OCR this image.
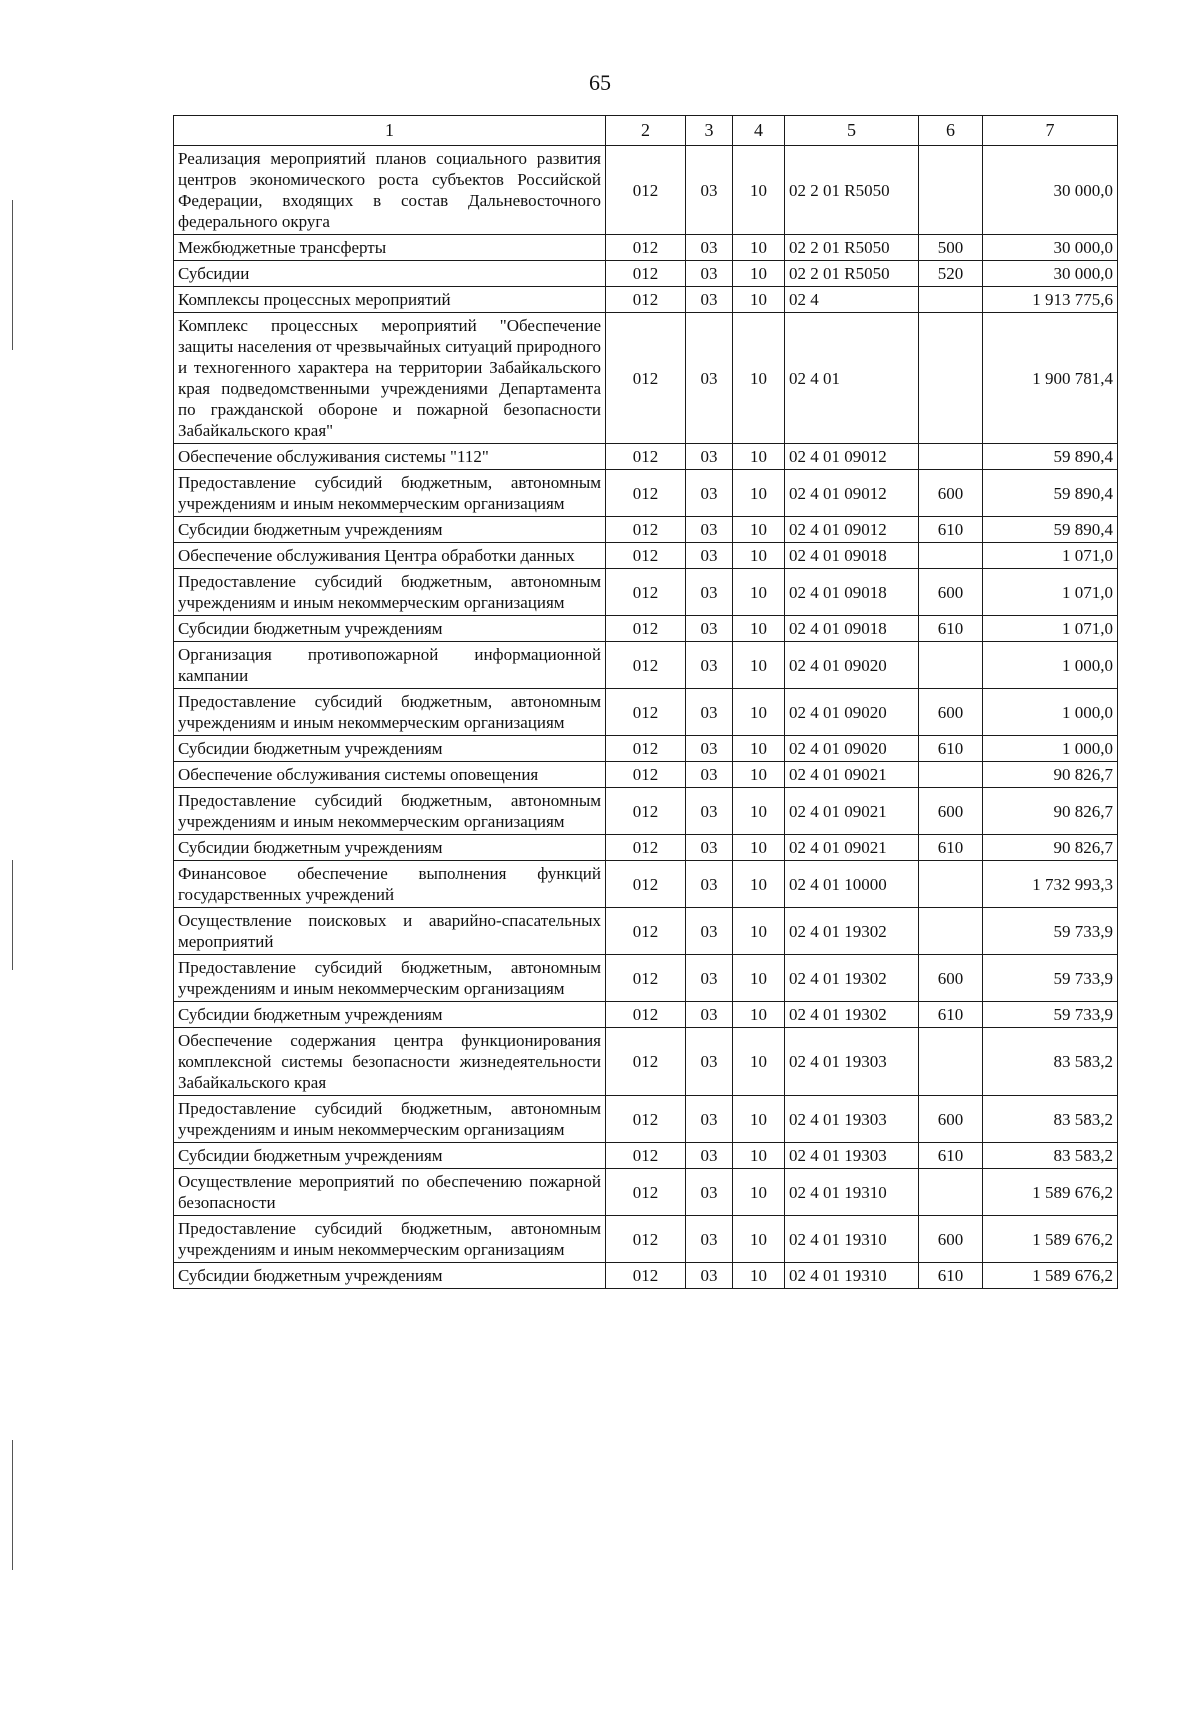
65
1	2	3	4	5	6	7
Реализация мероприятий планов социального развития центров экономического роста субъектов Российской Федерации, входящих в состав Дальневосточного федерального округа	012	03	10	02 2 01 R5050		30 000,0
Межбюджетные трансферты	012	03	10	02 2 01 R5050	500	30 000,0
Субсидии	012	03	10	02 2 01 R5050	520	30 000,0
Комплексы процессных мероприятий	012	03	10	02 4		1 913 775,6
Комплекс процессных мероприятий "Обеспечение защиты населения от чрезвычайных ситуаций природного и техногенного характера на территории Забайкальского края подведомственными учреждениями Департамента по гражданской обороне и пожарной безопасности Забайкальского края"	012	03	10	02 4 01		1 900 781,4
Обеспечение обслуживания системы "112"	012	03	10	02 4 01 09012		59 890,4
Предоставление субсидий бюджетным, автономным учреждениям и иным некоммерческим организациям	012	03	10	02 4 01 09012	600	59 890,4
Субсидии бюджетным учреждениям	012	03	10	02 4 01 09012	610	59 890,4
Обеспечение обслуживания Центра обработки данных	012	03	10	02 4 01 09018		1 071,0
Предоставление субсидий бюджетным, автономным учреждениям и иным некоммерческим организациям	012	03	10	02 4 01 09018	600	1 071,0
Субсидии бюджетным учреждениям	012	03	10	02 4 01 09018	610	1 071,0
Организация противопожарной информационной кампании	012	03	10	02 4 01 09020		1 000,0
Предоставление субсидий бюджетным, автономным учреждениям и иным некоммерческим организациям	012	03	10	02 4 01 09020	600	1 000,0
Субсидии бюджетным учреждениям	012	03	10	02 4 01 09020	610	1 000,0
Обеспечение обслуживания системы оповещения	012	03	10	02 4 01 09021		90 826,7
Предоставление субсидий бюджетным, автономным учреждениям и иным некоммерческим организациям	012	03	10	02 4 01 09021	600	90 826,7
Субсидии бюджетным учреждениям	012	03	10	02 4 01 09021	610	90 826,7
Финансовое обеспечение выполнения функций государственных учреждений	012	03	10	02 4 01 10000		1 732 993,3
Осуществление поисковых и аварийно-спасательных мероприятий	012	03	10	02 4 01 19302		59 733,9
Предоставление субсидий бюджетным, автономным учреждениям и иным некоммерческим организациям	012	03	10	02 4 01 19302	600	59 733,9
Субсидии бюджетным учреждениям	012	03	10	02 4 01 19302	610	59 733,9
Обеспечение содержания центра функционирования комплексной системы безопасности жизнедеятельности Забайкальского края	012	03	10	02 4 01 19303		83 583,2
Предоставление субсидий бюджетным, автономным учреждениям и иным некоммерческим организациям	012	03	10	02 4 01 19303	600	83 583,2
Субсидии бюджетным учреждениям	012	03	10	02 4 01 19303	610	83 583,2
Осуществление мероприятий по обеспечению пожарной безопасности	012	03	10	02 4 01 19310		1 589 676,2
Предоставление субсидий бюджетным, автономным учреждениям и иным некоммерческим организациям	012	03	10	02 4 01 19310	600	1 589 676,2
Субсидии бюджетным учреждениям	012	03	10	02 4 01 19310	610	1 589 676,2
